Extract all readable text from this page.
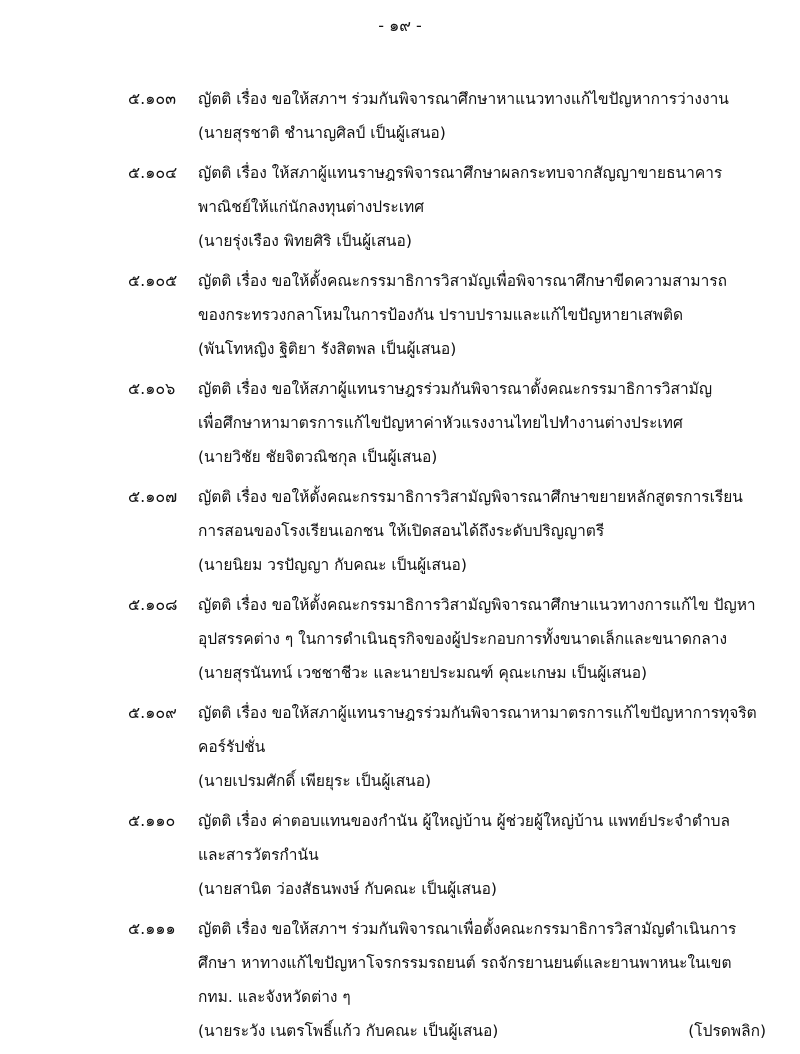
- ๑๙ -
๕.๑๐๓ ญัตติ เรื่อง ขอให้สภาฯ ร่วมกันพิจารณาศึกษาหาแนวทางแก้ไขปัญหาการว่างงาน
(นายสุรชาติ ชำนาญศิลป์ เป็นผู้เสนอ)
๕.๑๐๔ ญัตติ เรื่อง ให้สภาผู้แทนราษฎรพิจารณาศึกษาผลกระทบจากสัญญาขายธนาคาร
พาณิชย์ให้แก่นักลงทุนต่างประเทศ
(นายรุ่งเรือง พิทยศิริ เป็นผู้เสนอ)
๕.๑๐๕ ญัตติ เรื่อง ขอให้ตั้งคณะกรรมาธิการวิสามัญเพื่อพิจารณาศึกษาขีดความสามารถ
ของกระทรวงกลาโหมในการป้องกัน ปราบปรามและแก้ไขปัญหายาเสพติด
(พันโทหญิง ฐิติยา รังสิตพล เป็นผู้เสนอ)
๕.๑๐๖ ญัตติ เรื่อง ขอให้สภาผู้แทนราษฎรร่วมกันพิจารณาตั้งคณะกรรมาธิการวิสามัญ
เพื่อศึกษาหามาตรการแก้ไขปัญหาค่าหัวแรงงานไทยไปทำงานต่างประเทศ
(นายวิชัย ชัยจิตวณิชกุล เป็นผู้เสนอ)
๕.๑๐๗ ญัตติ เรื่อง ขอให้ตั้งคณะกรรมาธิการวิสามัญพิจารณาศึกษาขยายหลักสูตรการเรียน
การสอนของโรงเรียนเอกชน ให้เปิดสอนได้ถึงระดับปริญญาตรี
(นายนิยม วรปัญญา กับคณะ เป็นผู้เสนอ)
๕.๑๐๘ ญัตติ เรื่อง ขอให้ตั้งคณะกรรมาธิการวิสามัญพิจารณาศึกษาแนวทางการแก้ไข ปัญหา
อุปสรรคต่าง ๆ ในการดำเนินธุรกิจของผู้ประกอบการทั้งขนาดเล็กและขนาดกลาง
(นายสุรนันทน์ เวชชาชีวะ และนายประมณฑ์ คุณะเกษม เป็นผู้เสนอ)
๕.๑๐๙ ญัตติ เรื่อง ขอให้สภาผู้แทนราษฎรร่วมกันพิจารณาหามาตรการแก้ไขปัญหาการทุจริต
คอร์รัปชั่น
(นายเปรมศักดิ์ เพียยุระ เป็นผู้เสนอ)
๕.๑๑๐ ญัตติ เรื่อง ค่าตอบแทนของกำนัน ผู้ใหญ่บ้าน ผู้ช่วยผู้ใหญ่บ้าน แพทย์ประจำตำบล
และสารวัตรกำนัน
(นายสานิต ว่องสัธนพงษ์ กับคณะ เป็นผู้เสนอ)
๕.๑๑๑ ญัตติ เรื่อง ขอให้สภาฯ ร่วมกันพิจารณาเพื่อตั้งคณะกรรมาธิการวิสามัญดำเนินการ
ศึกษา หาทางแก้ไขปัญหาโจรกรรมรถยนต์ รถจักรยานยนต์และยานพาหนะในเขต
กทม. และจังหวัดต่าง ๆ
(นายระวัง เนตรโพธิ์แก้ว กับคณะ เป็นผู้เสนอ)	(โปรดพลิก)
